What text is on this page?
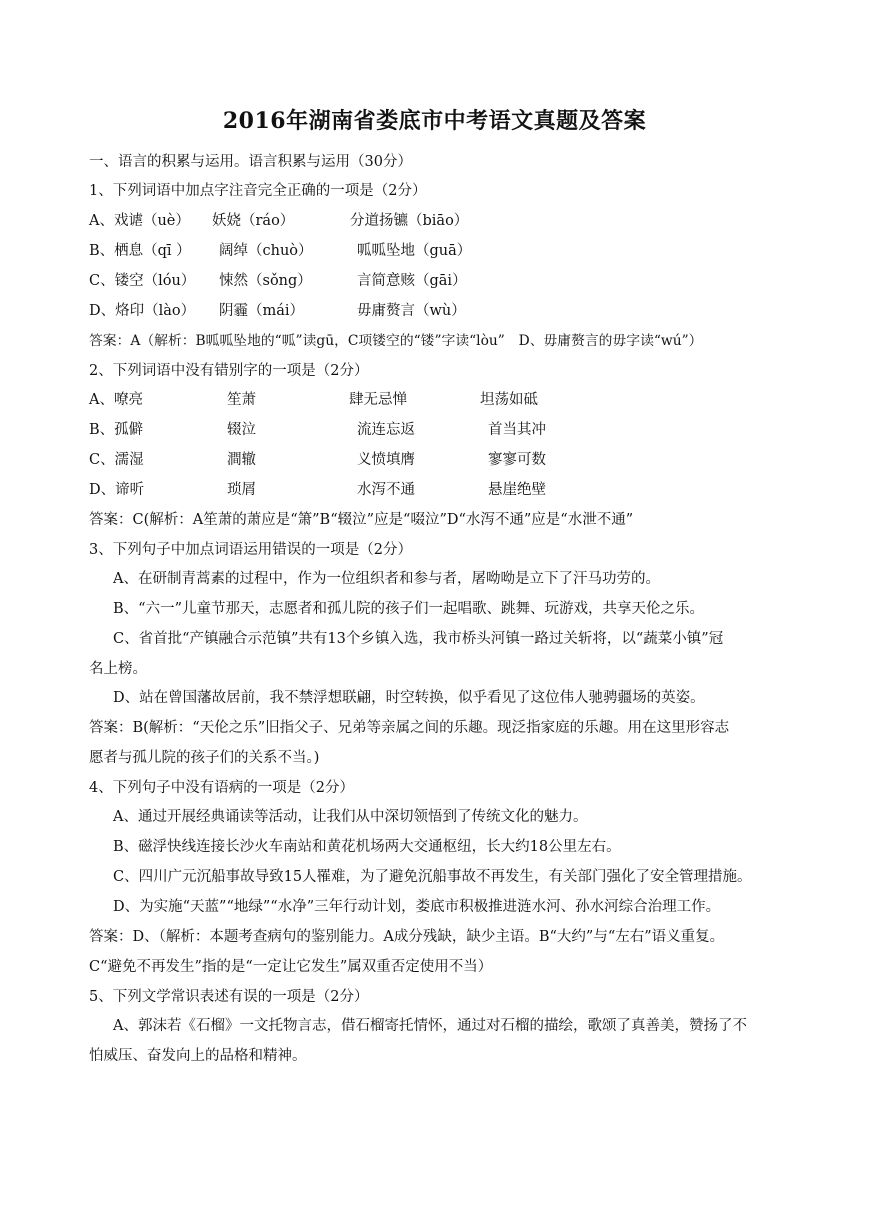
2016年湖南省娄底市中考语文真题及答案
一、语言的积累与运用。语言积累与运用（30分）
1、下列词语中加点字注音完全正确的一项是（2分）
A、戏谑（uè） 妖娆（ráo）	分道扬镳（biāo）
B、栖息（qī ） 阔绰（chuò）	呱呱坠地（guā）
C、镂空（lóu） 悚然（sǒng）	言简意赅（gāi）
D、烙印（lào） 阴霾（mái）	毋庸赘言（wù）
答案：A（解析：B呱呱坠地的“呱”读gū，C项镂空的“镂”字读“lòu”　D、毋庸赘言的毋字读“wú”）
2、下列词语中没有错别字的一项是（2分）
A、嘹亮	笙萧	肆无忌惮	坦荡如砥
B、孤僻	辍泣	流连忘返	首当其冲
C、濡湿	澗辙	义愤填膺	寥寥可数
D、谛听	琐屑	水泻不通	悬崖绝壁
答案：C(解析：A笙萧的萧应是“箫”B“辍泣”应是“啜泣”D“水泻不通”应是“水泄不通”
3、下列句子中加点词语运用错误的一项是（2分）
A、在研制青蒿素的过程中，作为一位组织者和参与者，屠呦呦是立下了汗马功劳的。
B、“六一”儿童节那天，志愿者和孤儿院的孩子们一起唱歌、跳舞、玩游戏，共享天伦之乐。
C、省首批“产镇融合示范镇”共有13个乡镇入选，我市桥头河镇一路过关斩将，以“蔬菜小镇”冠
名上榜。
D、站在曾国藩故居前，我不禁浮想联翩，时空转换，似乎看见了这位伟人驰骋疆场的英姿。
答案：B(解析：“天伦之乐”旧指父子、兄弟等亲属之间的乐趣。现泛指家庭的乐趣。用在这里形容志
愿者与孤儿院的孩子们的关系不当。)
4、下列句子中没有语病的一项是（2分）
A、通过开展经典诵读等活动，让我们从中深切领悟到了传统文化的魅力。
B、磁浮快线连接长沙火车南站和黄花机场两大交通枢纽，长大约18公里左右。
C、四川广元沉船事故导致15人罹难，为了避免沉船事故不再发生，有关部门强化了安全管理措施。
D、为实施“天蓝”“地绿”“水净”三年行动计划，娄底市积极推进涟水河、孙水河综合治理工作。
答案：D、（解析：本题考查病句的鉴别能力。A成分残缺，缺少主语。B“大约”与“左右”语义重复。
C“避免不再发生”指的是“一定让它发生”属双重否定使用不当）
5、下列文学常识表述有误的一项是（2分）
A、郭沫若《石榴》一文托物言志，借石榴寄托情怀，通过对石榴的描绘，歌颂了真善美，赞扬了不
怕威压、奋发向上的品格和精神。
